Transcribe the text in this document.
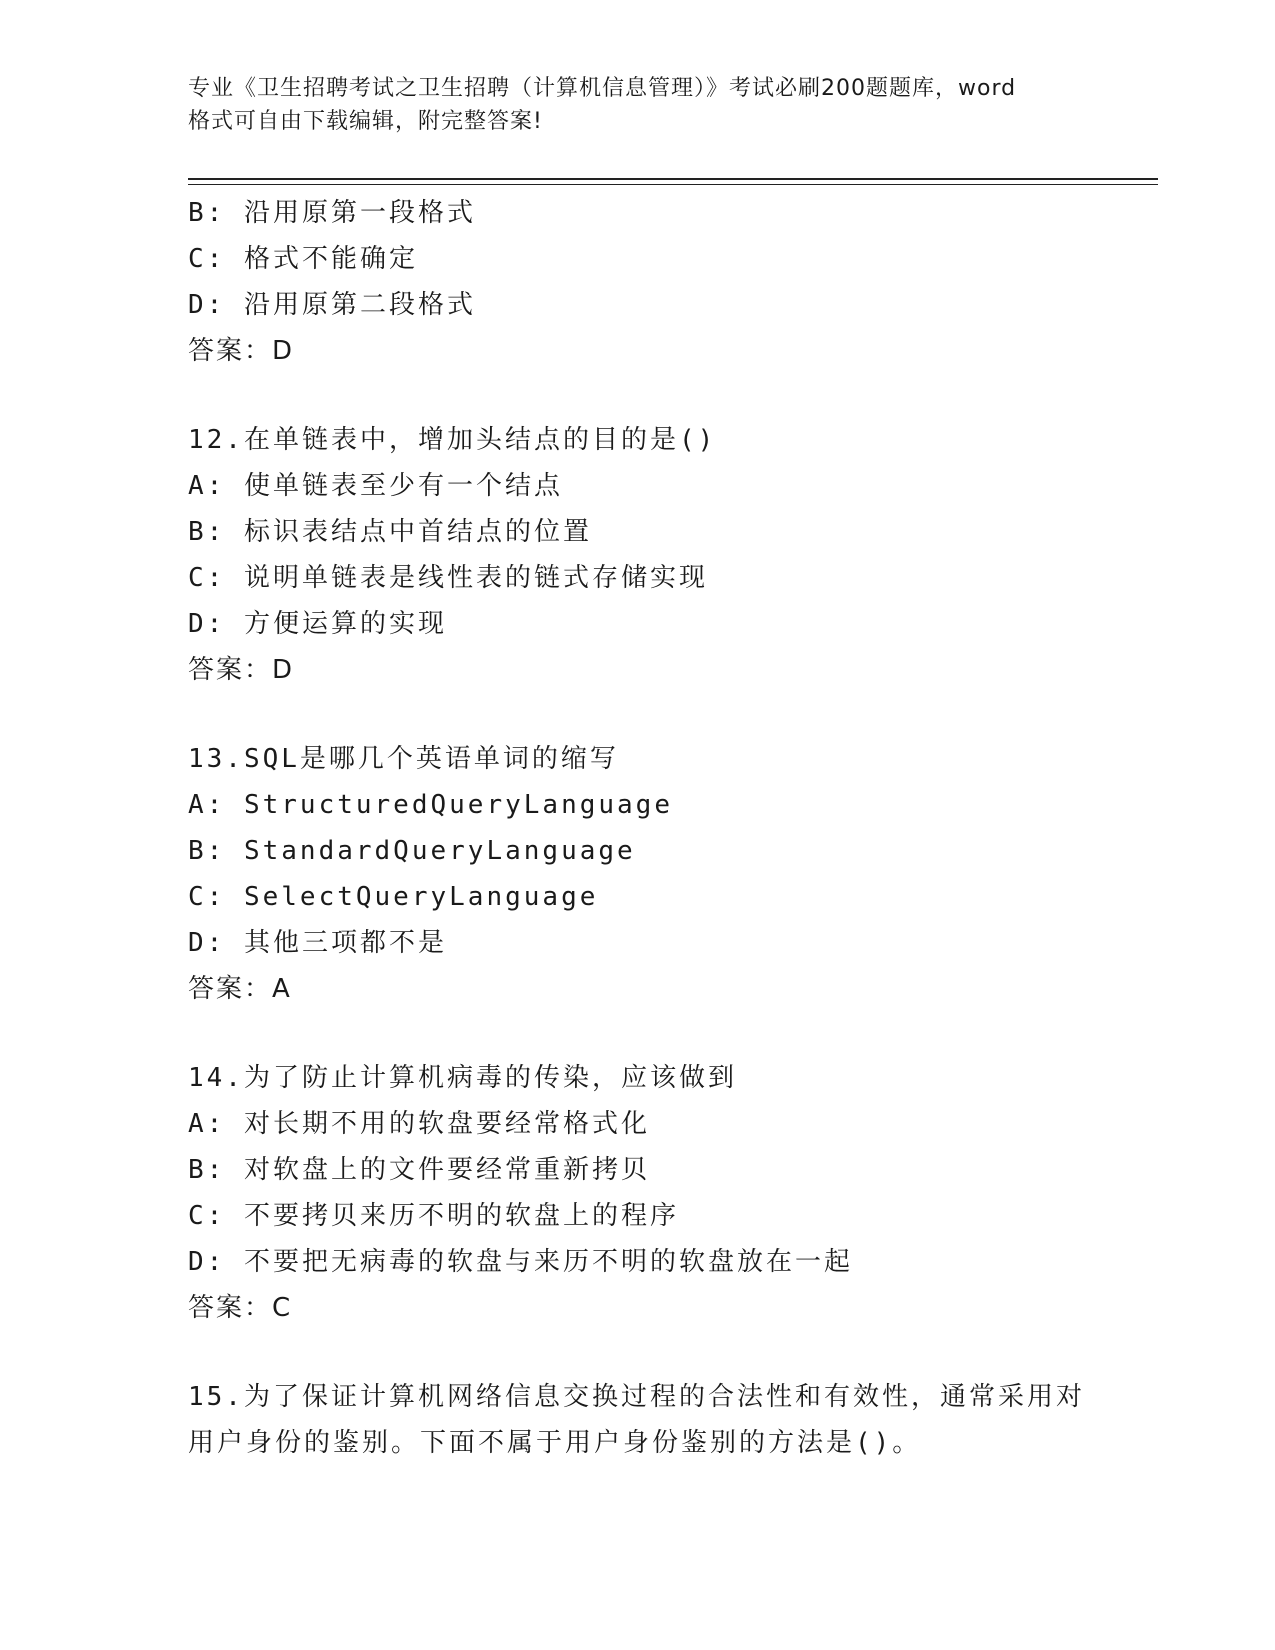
专业《卫生招聘考试之卫生招聘（计算机信息管理）》考试必刷200题题库，word
格式可自由下载编辑，附完整答案!
B: 沿用原第一段格式
C: 格式不能确定
D: 沿用原第二段格式
答案：D
12.在单链表中，增加头结点的目的是()
A: 使单链表至少有一个结点
B: 标识表结点中首结点的位置
C: 说明单链表是线性表的链式存储实现
D: 方便运算的实现
答案：D
13.SQL是哪几个英语单词的缩写
A: StructuredQueryLanguage
B: StandardQueryLanguage
C: SelectQueryLanguage
D: 其他三项都不是
答案：A
14.为了防止计算机病毒的传染，应该做到
A: 对长期不用的软盘要经常格式化
B: 对软盘上的文件要经常重新拷贝
C: 不要拷贝来历不明的软盘上的程序
D: 不要把无病毒的软盘与来历不明的软盘放在一起
答案：C
15.为了保证计算机网络信息交换过程的合法性和有效性，通常采用对
用户身份的鉴别。下面不属于用户身份鉴别的方法是()。
